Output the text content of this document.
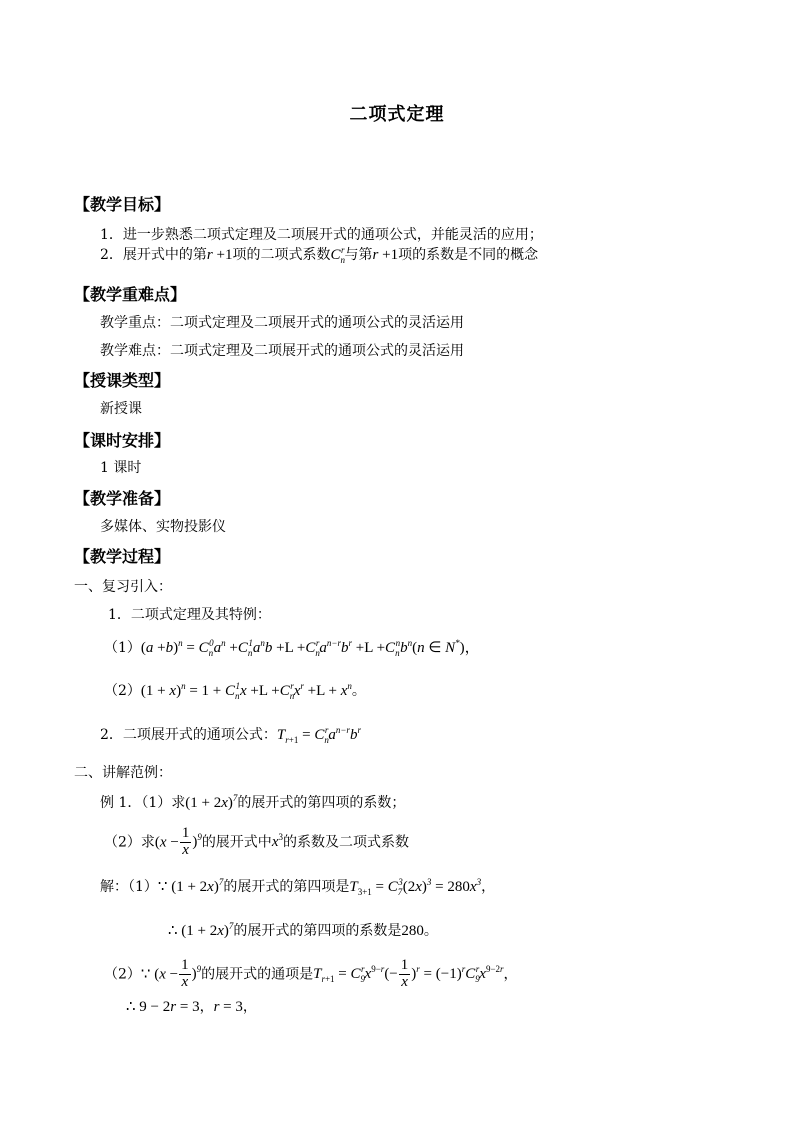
二项式定理
【教学目标】
1．进一步熟悉二项式定理及二项展开式的通项公式，并能灵活的应用；
2．展开式中的第r +1项的二项式系数$C_n^r$与第r +1项的系数是不同的概念
【教学重难点】
教学重点：二项式定理及二项展开式的通项公式的灵活运用
教学难点：二项式定理及二项展开式的通项公式的灵活运用
【授课类型】
新授课
【课时安排】
1 课时
【教学准备】
多媒体、实物投影仪
【教学过程】
一、复习引入：
1．二项式定理及其特例：
$(1)(a +b)^n = C_n^0a^n +C_n^1a^nb +L +C_n^ra^{n-r}b^r +L +C_n^nb^n(n$ ∈ N*)，
$(2)(1 + x)^n = 1 + C_n^1x +L +C_n^rx^r +L + x^n$。
2．二项展开式的通项公式：$T_{r+1} = C_n^ra^{n-r}b^r$
二、讲解范例：
例 1．（1）求$(1 + 2x)^7$的展开式的第四项的系数；
（2）求$(x - \frac{1}{x} )^9$的展开式中$x^3$的系数及二项式系数
解：（1）∵ $(1 + 2x)^7$的展开式的第四项是$T_{3+1} = C_7^3(2x)^3 = 280x^3$，
∴ $(1 + 2x)^7$的展开式的第四项的系数是280。
（2）∵ $(x - \frac{1}{x} )^9$的展开式的通项是$T_{r+1} = C_9^rx^{9-r}(- \frac{1}{x} )^r = (-1)^rC_9^rx^{9-2r}$，
∴ 9 − 2r = 3，r = 3，
